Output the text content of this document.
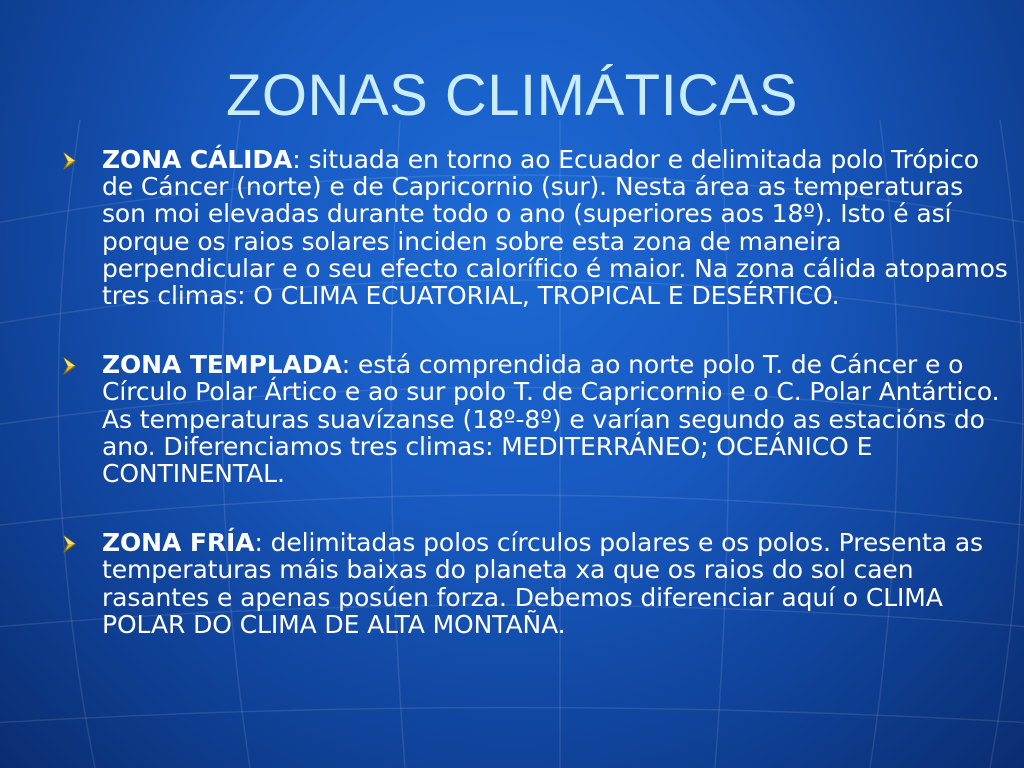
ZONAS CLIMÁTICAS
ZONA CÁLIDA: situada en torno ao Ecuador e delimitada polo Trópico de Cáncer (norte) e de Capricornio (sur). Nesta área as temperaturas son moi elevadas durante todo o ano (superiores aos 18º). Isto é así porque os raios solares inciden sobre esta zona de maneira perpendicular e o seu efecto calorífico é maior. Na zona cálida atopamos tres climas: O CLIMA ECUATORIAL, TROPICAL E DESÉRTICO.
ZONA TEMPLADA: está comprendida ao norte polo T. de Cáncer e o Círculo Polar Ártico e ao sur polo T. de Capricornio e o C. Polar Antártico. As temperaturas suavízanse (18º-8º) e varían segundo as estacións do ano. Diferenciamos tres climas: MEDITERRÁNEO; OCEÁNICO E CONTINENTAL.
ZONA FRÍA: delimitadas polos círculos polares e os polos. Presenta as temperaturas máis baixas do planeta xa que os raios do sol caen rasantes e apenas posúen forza. Debemos diferenciar aquí o CLIMA POLAR DO CLIMA DE ALTA MONTAÑA.
